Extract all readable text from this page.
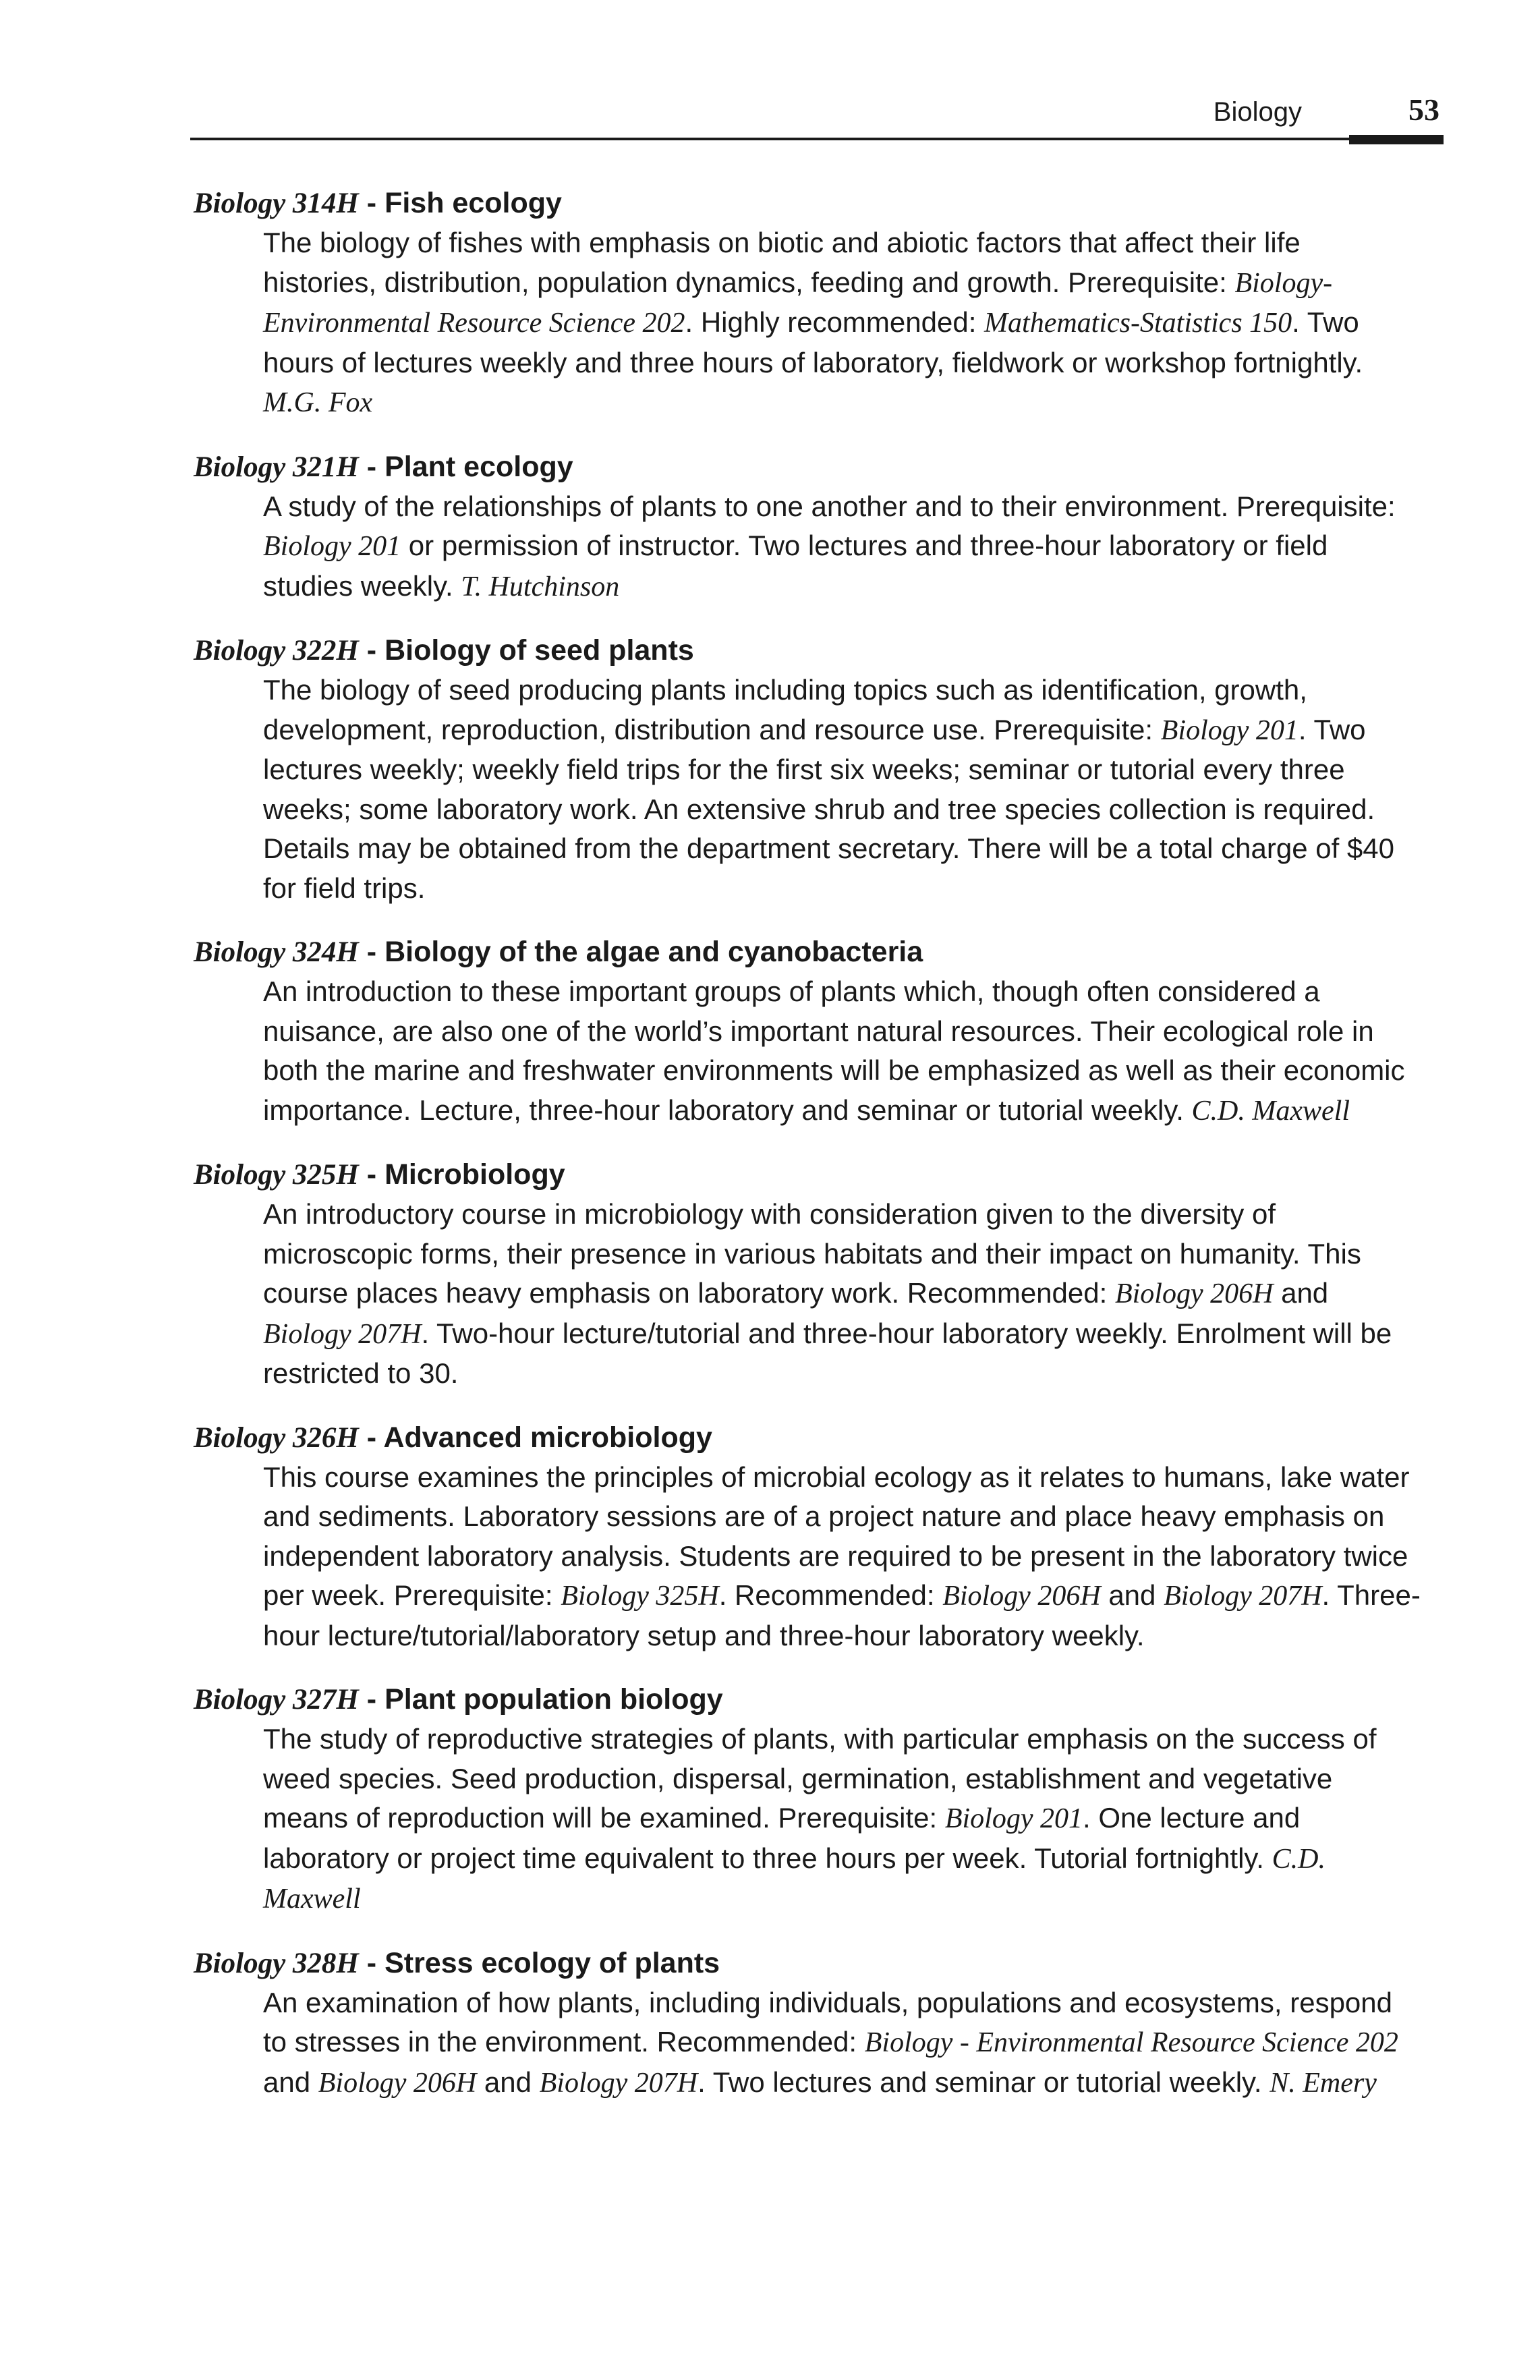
Biology	53

Biology 314H - Fish ecology

The biology of fishes with emphasis on biotic and abiotic factors that affect their life histories, distribution, population dynamics, feeding and growth. Prerequisite: Biology-Environmental Resource Science 202. Highly recommended: Mathematics-Statistics 150. Two hours of lectures weekly and three hours of laboratory, fieldwork or workshop fortnightly. M.G. Fox

Biology 321H - Plant ecology

A study of the relationships of plants to one another and to their environment. Prerequisite: Biology 201 or permission of instructor. Two lectures and three-hour laboratory or field studies weekly. T. Hutchinson

Biology 322H - Biology of seed plants

The biology of seed producing plants including topics such as identification, growth, development, reproduction, distribution and resource use. Prerequisite: Biology 201. Two lectures weekly; weekly field trips for the first six weeks; seminar or tutorial every three weeks; some laboratory work. An extensive shrub and tree species collection is required. Details may be obtained from the department secretary. There will be a total charge of $40 for field trips.

Biology 324H - Biology of the algae and cyanobacteria

An introduction to these important groups of plants which, though often considered a nuisance, are also one of the world’s important natural resources. Their ecological role in both the marine and freshwater environments will be emphasized as well as their economic importance. Lecture, three-hour laboratory and seminar or tutorial weekly. C.D. Maxwell

Biology 325H - Microbiology

An introductory course in microbiology with consideration given to the diversity of microscopic forms, their presence in various habitats and their impact on humanity. This course places heavy emphasis on laboratory work. Recommended: Biology 206H and Biology 207H. Two-hour lecture/tutorial and three-hour laboratory weekly. Enrolment will be restricted to 30.

Biology 326H - Advanced microbiology

This course examines the principles of microbial ecology as it relates to humans, lake water and sediments. Laboratory sessions are of a project nature and place heavy emphasis on independent laboratory analysis. Students are required to be present in the laboratory twice per week. Prerequisite: Biology 325H. Recommended: Biology 206H and Biology 207H. Three-hour lecture/tutorial/laboratory setup and three-hour laboratory weekly.

Biology 327H - Plant population biology

The study of reproductive strategies of plants, with particular emphasis on the success of weed species. Seed production, dispersal, germination, establishment and vegetative means of reproduction will be examined. Prerequisite: Biology 201. One lecture and laboratory or project time equivalent to three hours per week. Tutorial fortnightly. C.D. Maxwell

Biology 328H - Stress ecology of plants

An examination of how plants, including individuals, populations and ecosystems, respond to stresses in the environment. Recommended: Biology - Environmental Resource Science 202 and Biology 206H and Biology 207H. Two lectures and seminar or tutorial weekly. N. Emery
